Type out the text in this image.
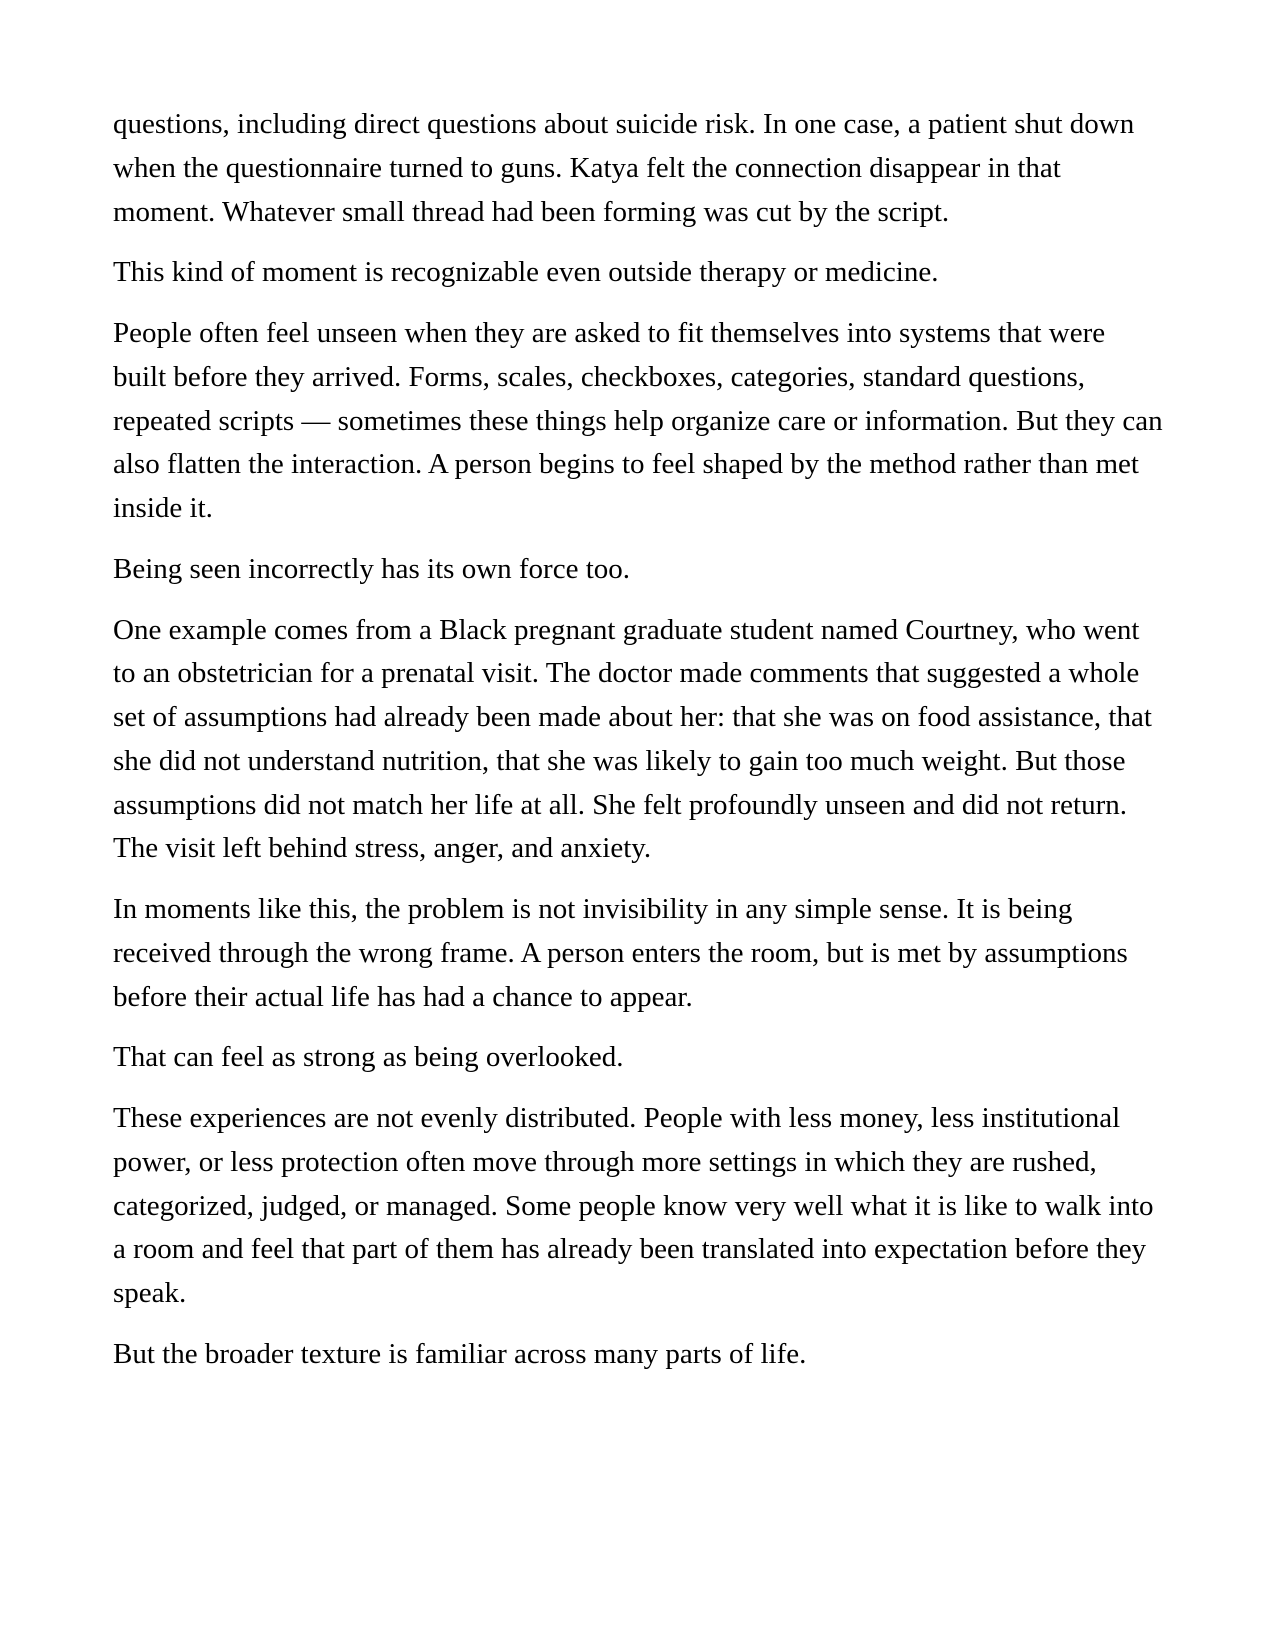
questions, including direct questions about suicide risk. In one case, a patient shut down when the questionnaire turned to guns. Katya felt the connection disappear in that moment. Whatever small thread had been forming was cut by the script.

This kind of moment is recognizable even outside therapy or medicine.

People often feel unseen when they are asked to fit themselves into systems that were built before they arrived. Forms, scales, checkboxes, categories, standard questions, repeated scripts — sometimes these things help organize care or information. But they can also flatten the interaction. A person begins to feel shaped by the method rather than met inside it.

Being seen incorrectly has its own force too.

One example comes from a Black pregnant graduate student named Courtney, who went to an obstetrician for a prenatal visit. The doctor made comments that suggested a whole set of assumptions had already been made about her: that she was on food assistance, that she did not understand nutrition, that she was likely to gain too much weight. But those assumptions did not match her life at all. She felt profoundly unseen and did not return. The visit left behind stress, anger, and anxiety.

In moments like this, the problem is not invisibility in any simple sense. It is being received through the wrong frame. A person enters the room, but is met by assumptions before their actual life has had a chance to appear.

That can feel as strong as being overlooked.

These experiences are not evenly distributed. People with less money, less institutional power, or less protection often move through more settings in which they are rushed, categorized, judged, or managed. Some people know very well what it is like to walk into a room and feel that part of them has already been translated into expectation before they speak.

But the broader texture is familiar across many parts of life.
